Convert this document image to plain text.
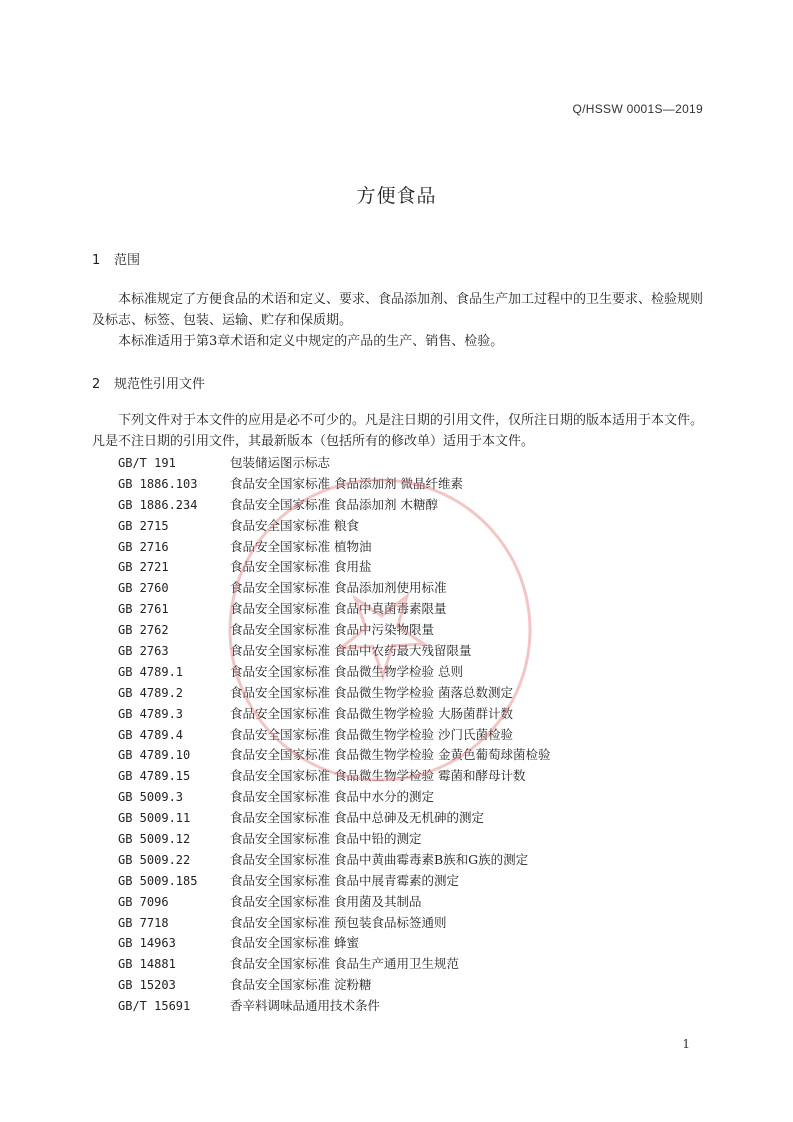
Q/HSSW 0001S—2019
方便食品
1 范围
本标准规定了方便食品的术语和定义、要求、食品添加剂、食品生产加工过程中的卫生要求、检验规则及标志、标签、包装、运输、贮存和保质期。
本标准适用于第3章术语和定义中规定的产品的生产、销售、检验。
2 规范性引用文件
下列文件对于本文件的应用是必不可少的。凡是注日期的引用文件，仅所注日期的版本适用于本文件。凡是不注日期的引用文件，其最新版本（包括所有的修改单）适用于本文件。
GB/T 191	包装储运图示标志
GB 1886.103	食品安全国家标准 食品添加剂 微晶纤维素
GB 1886.234	食品安全国家标准 食品添加剂 木糖醇
GB 2715	食品安全国家标准 粮食
GB 2716	食品安全国家标准 植物油
GB 2721	食品安全国家标准 食用盐
GB 2760	食品安全国家标准 食品添加剂使用标准
GB 2761	食品安全国家标准 食品中真菌毒素限量
GB 2762	食品安全国家标准 食品中污染物限量
GB 2763	食品安全国家标准 食品中农药最大残留限量
GB 4789.1	食品安全国家标准 食品微生物学检验 总则
GB 4789.2	食品安全国家标准 食品微生物学检验 菌落总数测定
GB 4789.3	食品安全国家标准 食品微生物学检验 大肠菌群计数
GB 4789.4	食品安全国家标准 食品微生物学检验 沙门氏菌检验
GB 4789.10	食品安全国家标准 食品微生物学检验 金黄色葡萄球菌检验
GB 4789.15	食品安全国家标准 食品微生物学检验 霉菌和酵母计数
GB 5009.3	食品安全国家标准 食品中水分的测定
GB 5009.11	食品安全国家标准 食品中总砷及无机砷的测定
GB 5009.12	食品安全国家标准 食品中铅的测定
GB 5009.22	食品安全国家标准 食品中黄曲霉毒素B族和G族的测定
GB 5009.185	食品安全国家标准 食品中展青霉素的测定
GB 7096	食品安全国家标准 食用菌及其制品
GB 7718	食品安全国家标准 预包装食品标签通则
GB 14963	食品安全国家标准 蜂蜜
GB 14881	食品安全国家标准 食品生产通用卫生规范
GB 15203	食品安全国家标准 淀粉糖
GB/T 15691	香辛料调味品通用技术条件
1
